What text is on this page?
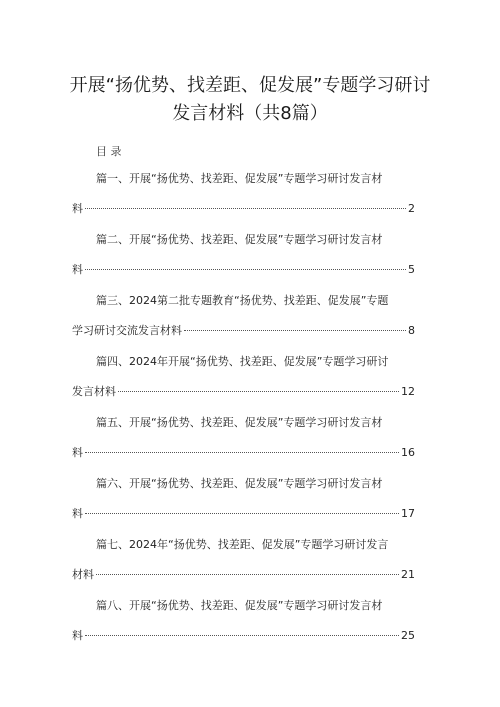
开展“扬优势、找差距、促发展”专题学习研讨
发言材料（共8篇）
目 录
篇一、开展“扬优势、找差距、促发展”专题学习研讨发言材
料	2
篇二、开展“扬优势、找差距、促发展”专题学习研讨发言材
料	5
篇三、2024第二批专题教育“扬优势、找差距、促发展”专题
学习研讨交流发言材料	8
篇四、2024年开展“扬优势、找差距、促发展”专题学习研讨
发言材料	12
篇五、开展“扬优势、找差距、促发展”专题学习研讨发言材
料	16
篇六、开展“扬优势、找差距、促发展”专题学习研讨发言材
料	17
篇七、2024年“扬优势、找差距、促发展”专题学习研讨发言
材料	21
篇八、开展“扬优势、找差距、促发展”专题学习研讨发言材
料	25
